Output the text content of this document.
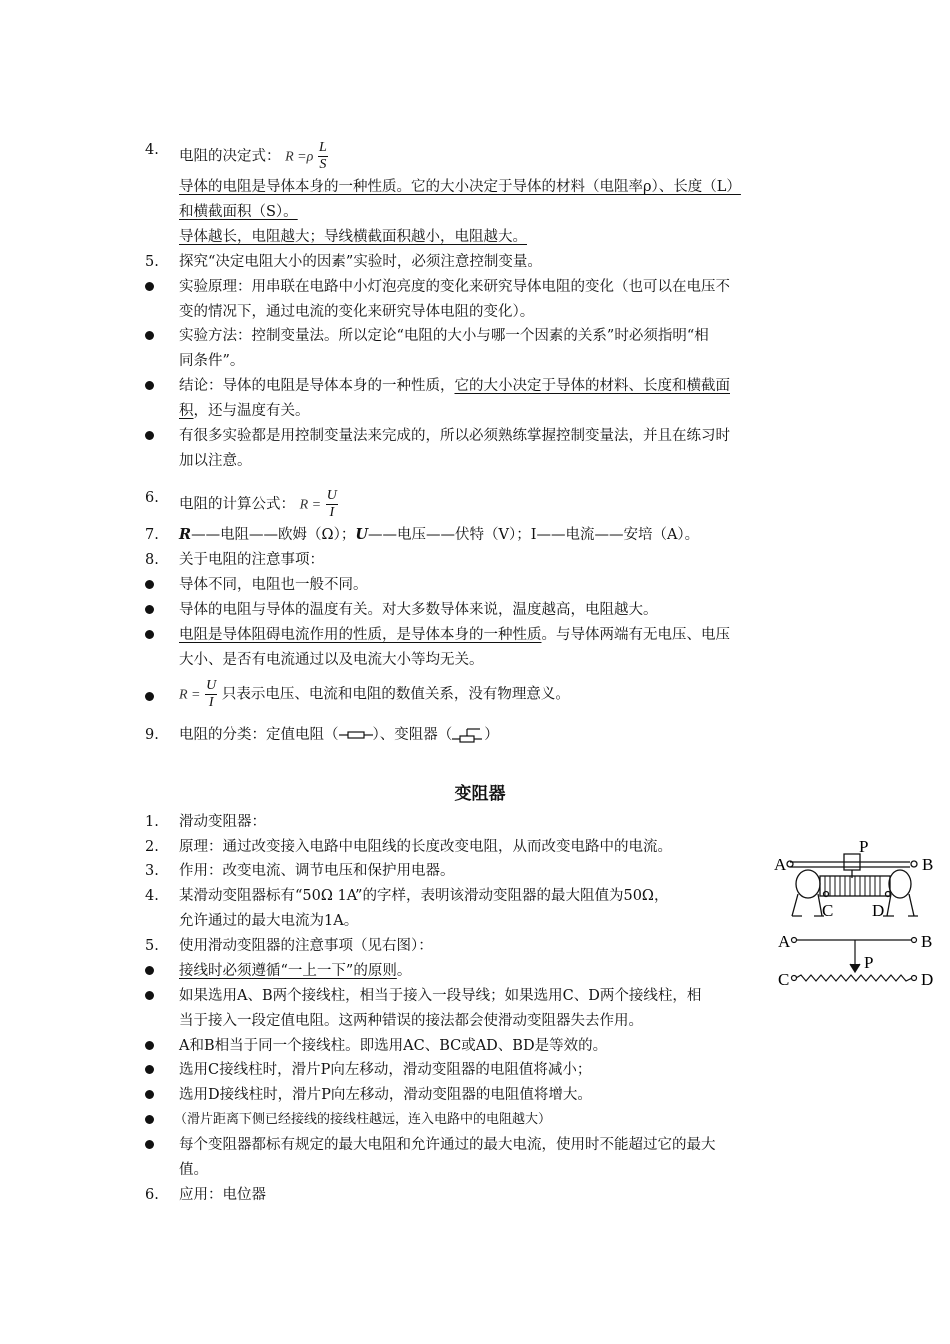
4. 电阻的决定式： $R =\rho \frac{L}{S}$
导体的电阻是导体本身的一种性质。它的大小决定于导体的材料（电阻率ρ）、长度（L）
和横截面积（S）。
导体越长，电阻越大；导线横截面积越小，电阻越大。
5. 探究“决定电阻大小的因素”实验时，必须注意控制变量。
实验原理：用串联在电路中小灯泡亮度的变化来研究导体电阻的变化（也可以在电压不
变的情况下，通过电流的变化来研究导体电阻的变化）。
实验方法：控制变量法。所以定论“电阻的大小与哪一个因素的关系”时必须指明“相
同条件”。
结论：导体的电阻是导体本身的一种性质，它的大小决定于导体的材料、长度和横截面
积，还与温度有关。
有很多实验都是用控制变量法来完成的，所以必须熟练掌握控制变量法，并且在练习时
加以注意。
6. 电阻的计算公式： $R = \frac{U}{I}$
7. R——电阻——欧姆（Ω）；U——电压——伏特（V）；I——电流——安培（A）。
8. 关于电阻的注意事项：
导体不同，电阻也一般不同。
导体的电阻与导体的温度有关。对大多数导体来说，温度越高，电阻越大。
电阻是导体阻碍电流作用的性质，是导体本身的一种性质。与导体两端有无电压、电压
大小、是否有电流通过以及电流大小等均无关。
$R = \frac{U}{I}$ 只表示电压、电流和电阻的数值关系，没有物理意义。
9. 电阻的分类：定值电阻（ ）、变阻器（ ）
变阻器
1. 滑动变阻器：
2. 原理：通过改变接入电路中电阻线的长度改变电阻，从而改变电路中的电流。
3. 作用：改变电流、调节电压和保护用电器。
4. 某滑动变阻器标有“50Ω 1A”的字样，表明该滑动变阻器的最大阻值为50Ω，
允许通过的最大电流为1A。
5. 使用滑动变阻器的注意事项（见右图）：
接线时必须遵循“一上一下”的原则。
如果选用A、B两个接线柱，相当于接入一段导线；如果选用C、D两个接线柱，相
当于接入一段定值电阻。这两种错误的接法都会使滑动变阻器失去作用。
A和B相当于同一个接线柱。即选用AC、BC或AD、BD是等效的。
选用C接线柱时，滑片P向左移动，滑动变阻器的电阻值将减小；
选用D接线柱时，滑片P向左移动，滑动变阻器的电阻值将增大。
（滑片距离下侧已经接线的接线柱越远，连入电路中的电阻越大）
每个变阻器都标有规定的最大电阻和允许通过的最大电流，使用时不能超过它的最大
值。
6. 应用：电位器
A
P
B
C D
A	B
P
C	D
